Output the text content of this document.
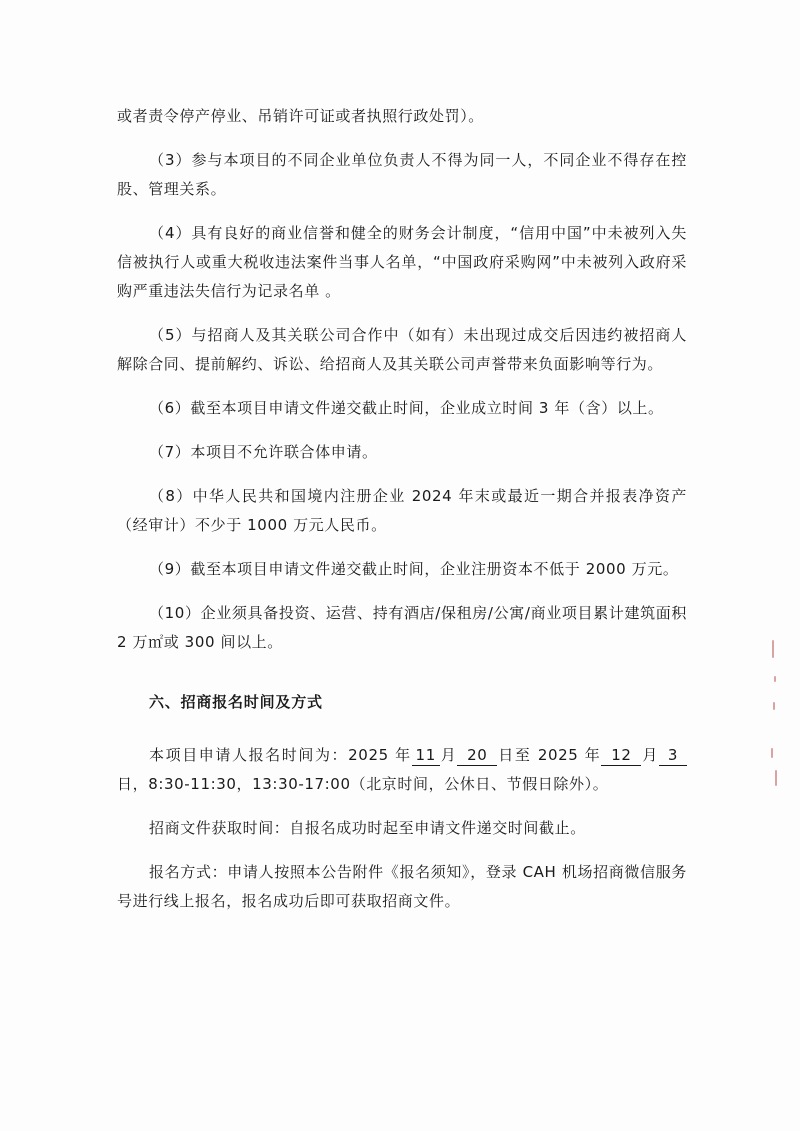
或者责令停产停业、吊销许可证或者执照行政处罚）。

（3）参与本项目的不同企业单位负责人不得为同一人，不同企业不得存在控股、管理关系。

（4）具有良好的商业信誉和健全的财务会计制度，“信用中国”中未被列入失信被执行人或重大税收违法案件当事人名单，“中国政府采购网”中未被列入政府采购严重违法失信行为记录名单 。

（5）与招商人及其关联公司合作中（如有）未出现过成交后因违约被招商人解除合同、提前解约、诉讼、给招商人及其关联公司声誉带来负面影响等行为。

（6）截至本项目申请文件递交截止时间，企业成立时间 3 年（含）以上。

（7）本项目不允许联合体申请。

（8）中华人民共和国境内注册企业 2024 年末或最近一期合并报表净资产（经审计）不少于 1000 万元人民币。

（9）截至本项目申请文件递交截止时间，企业注册资本不低于 2000 万元。

（10）企业须具备投资、运营、持有酒店/保租房/公寓/商业项目累计建筑面积 2 万㎡或 300 间以上。

六、招商报名时间及方式

本项目申请人报名时间为：2025 年 11 月 20 日至 2025 年 12 月 3日，8:30-11:30，13:30-17:00（北京时间，公休日、节假日除外）。

招商文件获取时间：自报名成功时起至申请文件递交时间截止。

报名方式：申请人按照本公告附件《报名须知》，登录 CAH 机场招商微信服务号进行线上报名，报名成功后即可获取招商文件。
